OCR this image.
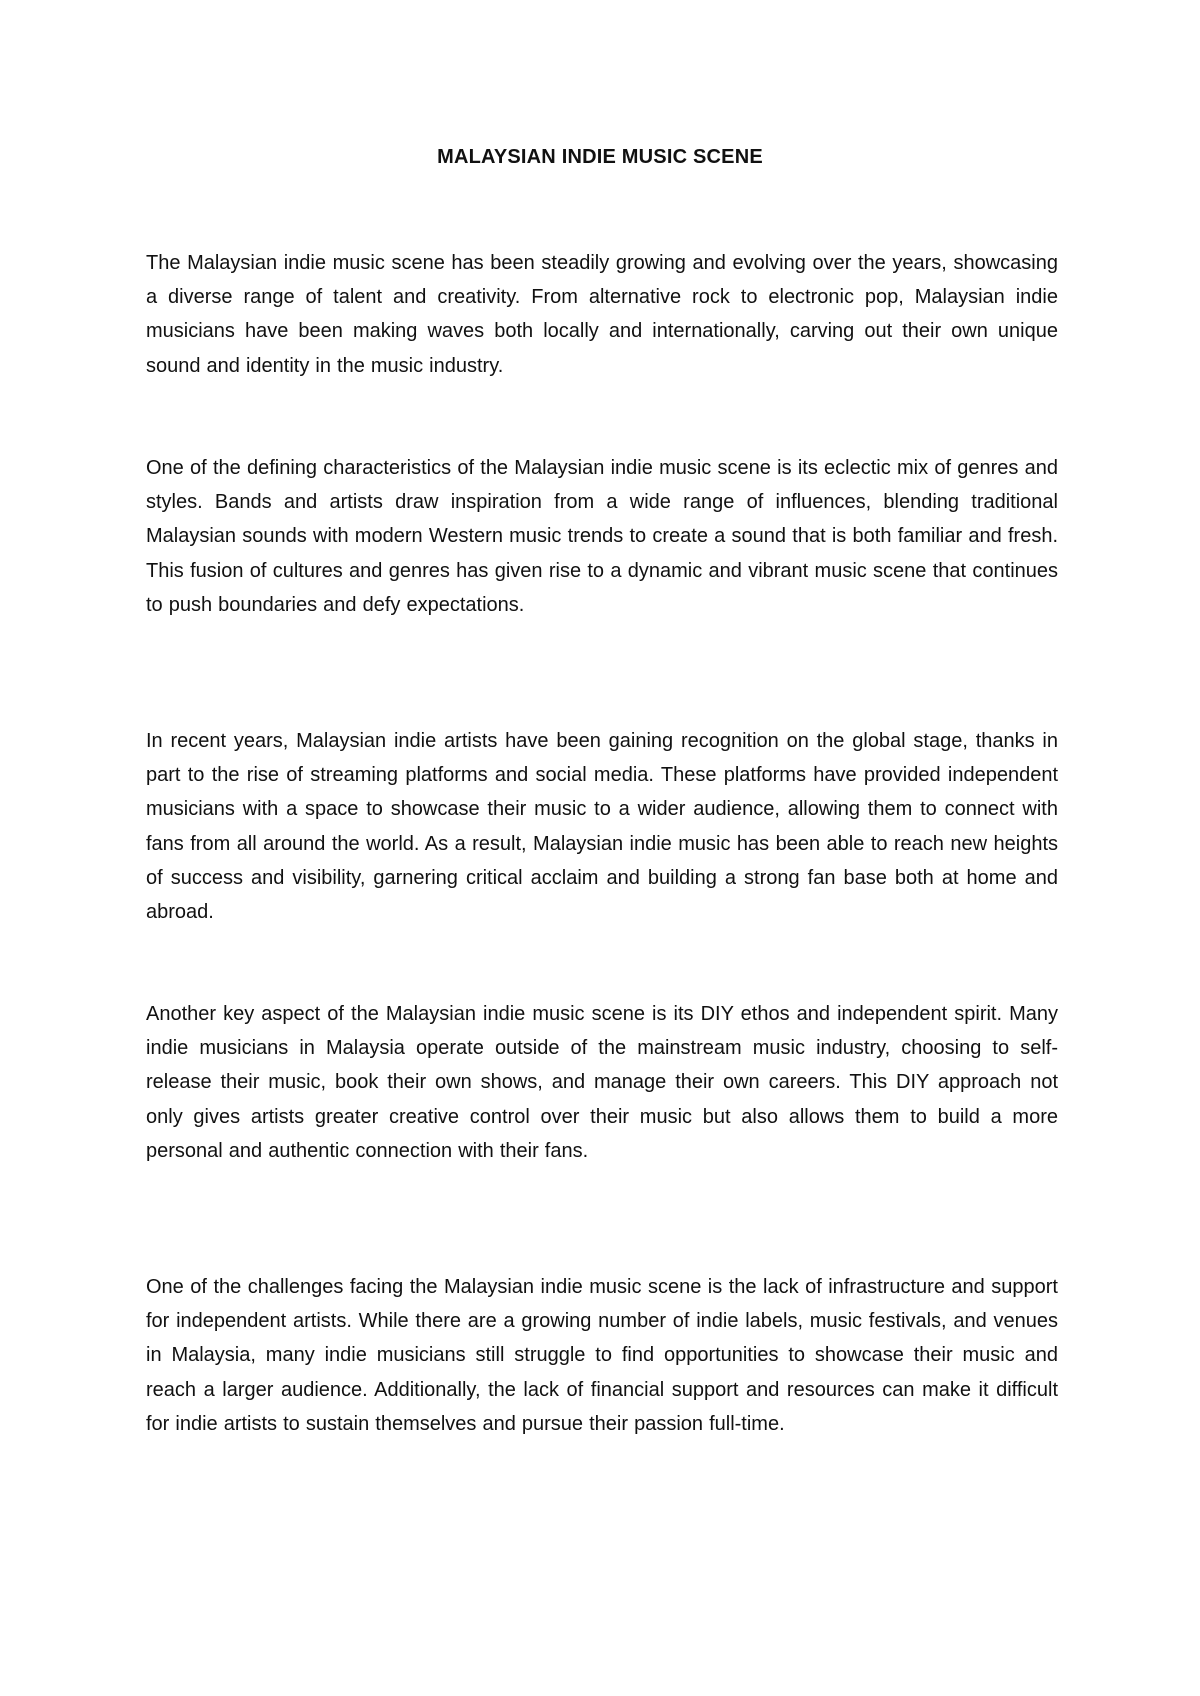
MALAYSIAN INDIE MUSIC SCENE

The Malaysian indie music scene has been steadily growing and evolving over the years, showcasing a diverse range of talent and creativity. From alternative rock to electronic pop, Malaysian indie musicians have been making waves both locally and internationally, carving out their own unique sound and identity in the music industry.

One of the defining characteristics of the Malaysian indie music scene is its eclectic mix of genres and styles. Bands and artists draw inspiration from a wide range of influences, blending traditional Malaysian sounds with modern Western music trends to create a sound that is both familiar and fresh. This fusion of cultures and genres has given rise to a dynamic and vibrant music scene that continues to push boundaries and defy expectations.

In recent years, Malaysian indie artists have been gaining recognition on the global stage, thanks in part to the rise of streaming platforms and social media. These platforms have provided independent musicians with a space to showcase their music to a wider audience, allowing them to connect with fans from all around the world. As a result, Malaysian indie music has been able to reach new heights of success and visibility, garnering critical acclaim and building a strong fan base both at home and abroad.

Another key aspect of the Malaysian indie music scene is its DIY ethos and independent spirit. Many indie musicians in Malaysia operate outside of the mainstream music industry, choosing to self-release their music, book their own shows, and manage their own careers. This DIY approach not only gives artists greater creative control over their music but also allows them to build a more personal and authentic connection with their fans.

One of the challenges facing the Malaysian indie music scene is the lack of infrastructure and support for independent artists. While there are a growing number of indie labels, music festivals, and venues in Malaysia, many indie musicians still struggle to find opportunities to showcase their music and reach a larger audience. Additionally, the lack of financial support and resources can make it difficult for indie artists to sustain themselves and pursue their passion full-time.
